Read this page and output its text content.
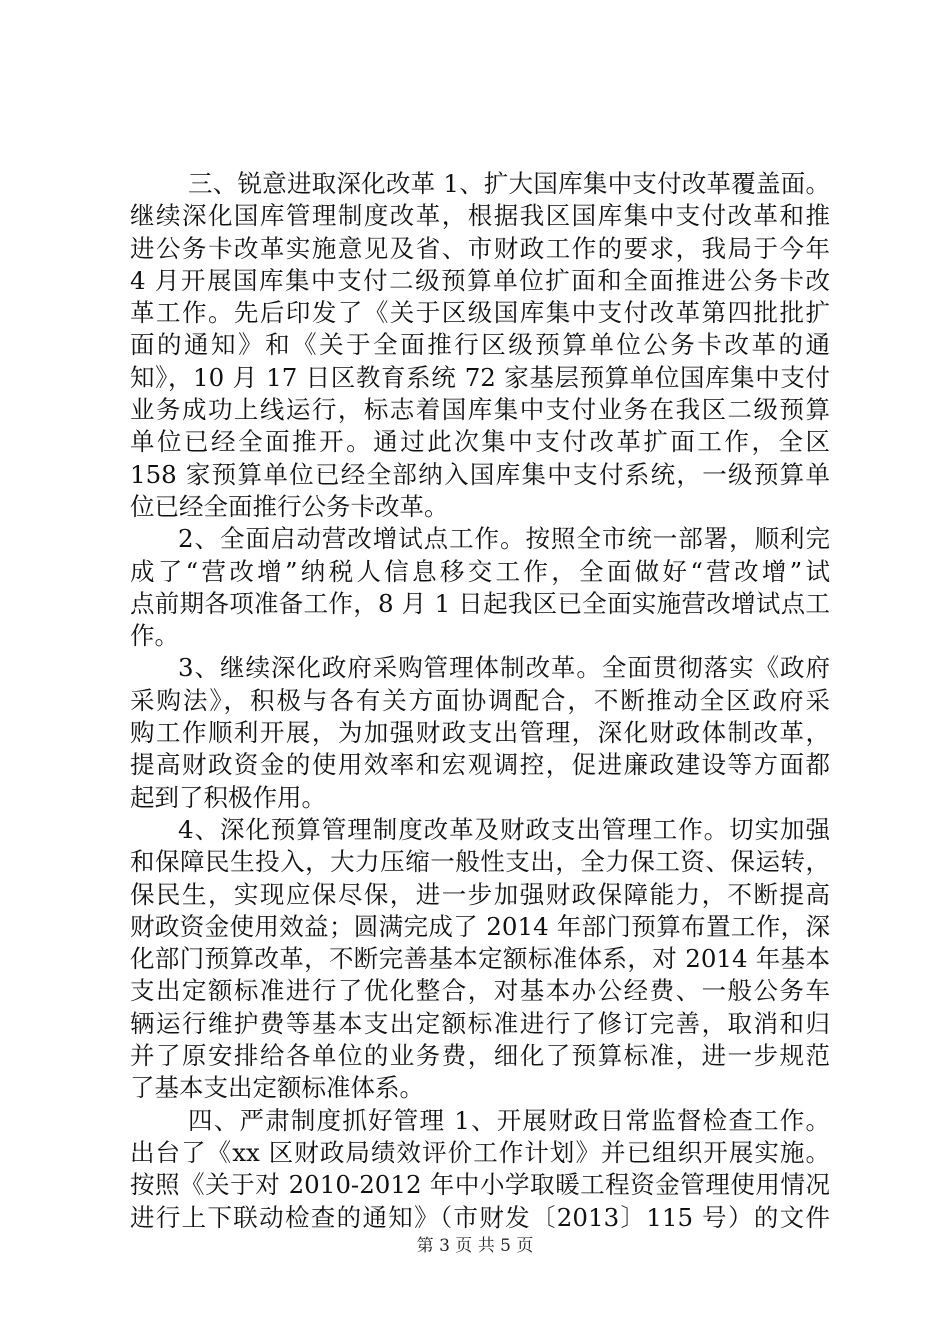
三、锐意进取深化改革 1、扩大国库集中支付改革覆盖面。
继续深化国库管理制度改革，根据我区国库集中支付改革和推
进公务卡改革实施意见及省、市财政工作的要求，我局于今年
4 月开展国库集中支付二级预算单位扩面和全面推进公务卡改
革工作。先后印发了《关于区级国库集中支付改革第四批批扩
面的通知》和《关于全面推行区级预算单位公务卡改革的通
知》，10 月 17 日区教育系统 72 家基层预算单位国库集中支付
业务成功上线运行，标志着国库集中支付业务在我区二级预算
单位已经全面推开。通过此次集中支付改革扩面工作，全区
158 家预算单位已经全部纳入国库集中支付系统，一级预算单
位已经全面推行公务卡改革。
2、全面启动营改增试点工作。按照全市统一部署，顺利完
成了“营改增”纳税人信息移交工作，全面做好“营改增”试
点前期各项准备工作，8 月 1 日起我区已全面实施营改增试点工
作。
3、继续深化政府采购管理体制改革。全面贯彻落实《政府
采购法》，积极与各有关方面协调配合，不断推动全区政府采
购工作顺利开展，为加强财政支出管理，深化财政体制改革，
提高财政资金的使用效率和宏观调控，促进廉政建设等方面都
起到了积极作用。
4、深化预算管理制度改革及财政支出管理工作。切实加强
和保障民生投入，大力压缩一般性支出，全力保工资、保运转，
保民生，实现应保尽保，进一步加强财政保障能力，不断提高
财政资金使用效益；圆满完成了 2014 年部门预算布置工作，深
化部门预算改革，不断完善基本定额标准体系，对 2014 年基本
支出定额标准进行了优化整合，对基本办公经费、一般公务车
辆运行维护费等基本支出定额标准进行了修订完善，取消和归
并了原安排给各单位的业务费，细化了预算标准，进一步规范
了基本支出定额标准体系。
四、严肃制度抓好管理 1、开展财政日常监督检查工作。
出台了《xx 区财政局绩效评价工作计划》并已组织开展实施。
按照《关于对 2010-2012 年中小学取暖工程资金管理使用情况
进行上下联动检查的通知》（市财发〔2013〕115 号）的文件
第 3 页 共 5 页
